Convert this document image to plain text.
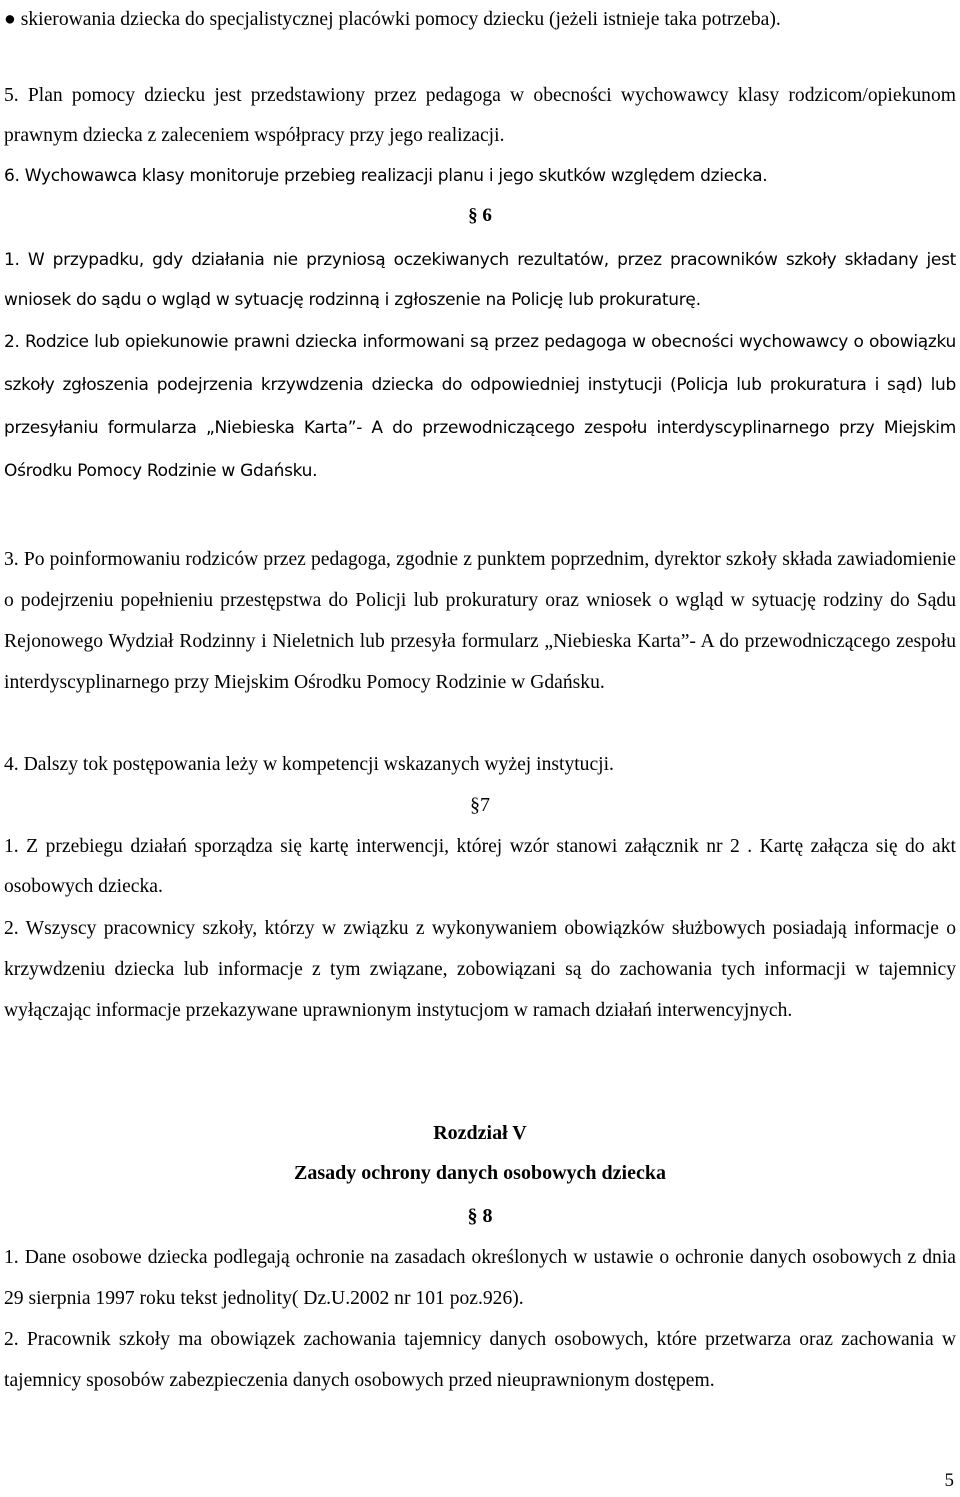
● skierowania dziecka do specjalistycznej placówki pomocy dziecku (jeżeli istnieje taka potrzeba).
5. Plan pomocy dziecku jest przedstawiony przez pedagoga w obecności wychowawcy klasy rodzicom/opiekunom prawnym dziecka z zaleceniem współpracy przy jego realizacji.
6. Wychowawca klasy monitoruje przebieg realizacji planu i jego skutków względem dziecka.
§ 6
1. W przypadku, gdy działania nie przyniosą oczekiwanych rezultatów, przez pracowników szkoły składany jest wniosek do sądu o wgląd w sytuację rodzinną i zgłoszenie na Policję lub prokuraturę.
2. Rodzice lub opiekunowie prawni dziecka informowani są przez pedagoga w obecności wychowawcy o obowiązku szkoły zgłoszenia podejrzenia krzywdzenia dziecka do odpowiedniej instytucji (Policja lub prokuratura i sąd) lub przesyłaniu formularza „Niebieska Karta”- A do przewodniczącego zespołu interdyscyplinarnego przy Miejskim Ośrodku Pomocy Rodzinie w Gdańsku.
3. Po poinformowaniu rodziców przez pedagoga, zgodnie z punktem poprzednim, dyrektor szkoły składa zawiadomienie o podejrzeniu popełnieniu przestępstwa do Policji lub prokuratury oraz wniosek o wgląd w sytuację rodziny do Sądu Rejonowego Wydział Rodzinny i Nieletnich lub przesyła formularz „Niebieska Karta”- A do przewodniczącego zespołu interdyscyplinarnego przy Miejskim Ośrodku Pomocy Rodzinie w Gdańsku.
4. Dalszy tok postępowania leży w kompetencji wskazanych wyżej instytucji.
§7
1. Z przebiegu działań sporządza się kartę interwencji, której wzór stanowi załącznik nr 2 . Kartę załącza się do akt osobowych dziecka.
2. Wszyscy pracownicy szkoły, którzy w związku z wykonywaniem obowiązków służbowych posiadają informacje o krzywdzeniu dziecka lub informacje z tym związane, zobowiązani są do zachowania tych informacji w tajemnicy wyłączając informacje przekazywane uprawnionym instytucjom w ramach działań interwencyjnych.
Rozdział V
Zasady ochrony danych osobowych dziecka
§ 8
1. Dane osobowe dziecka podlegają ochronie na zasadach określonych w ustawie o ochronie danych osobowych z dnia 29 sierpnia 1997 roku tekst jednolity( Dz.U.2002 nr 101 poz.926).
2. Pracownik szkoły ma obowiązek zachowania tajemnicy danych osobowych, które przetwarza oraz zachowania w tajemnicy sposobów zabezpieczenia danych osobowych przed nieuprawnionym dostępem.
5
